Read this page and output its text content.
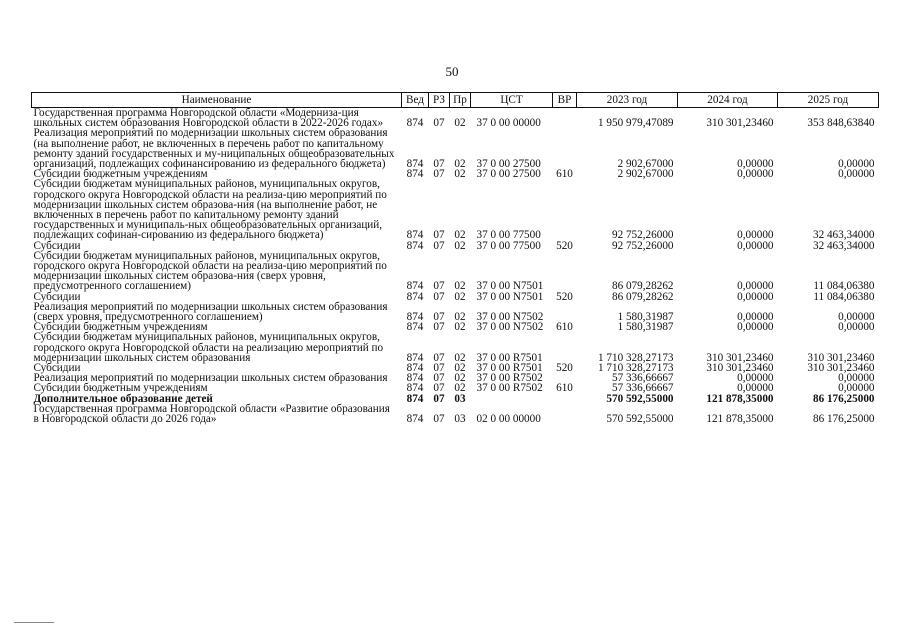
50
Наименование	Вед	РЗ	Пр	ЦСТ	ВР	2023 год	2024 год	2025 год
Государственная программа Новгородской области «Модерниза-ция школьных систем образования Новгородской области в 2022-2026 годах»	874	07	02	37 0 00 00000		1 950 979,47089	310 301,23460	353 848,63840
Реализация мероприятий по модернизации школьных систем образования (на выполнение работ, не включенных в перечень работ по капитальному ремонту зданий государственных и му-ниципальных общеобразовательных организаций, подлежащих софинансированию из федерального бюджета)	874	07	02	37 0 00 27500		2 902,67000	0,00000	0,00000
Субсидии бюджетным учреждениям	874	07	02	37 0 00 27500	610	2 902,67000	0,00000	0,00000
Субсидии бюджетам муниципальных районов, муниципальных округов, городского округа Новгородской области на реализа-цию мероприятий по модернизации школьных систем образова-ния (на выполнение работ, не включенных в перечень работ по капитальному ремонту зданий государственных и муниципаль-ных общеобразовательных организаций, подлежащих софинан-сированию из федерального бюджета)	874	07	02	37 0 00 77500		92 752,26000	0,00000	32 463,34000
Субсидии	874	07	02	37 0 00 77500	520	92 752,26000	0,00000	32 463,34000
Субсидии бюджетам муниципальных районов, муниципальных округов, городского округа Новгородской области на реализа-цию мероприятий по модернизации школьных систем образова-ния (сверх уровня, предусмотренного соглашением)	874	07	02	37 0 00 N7501		86 079,28262	0,00000	11 084,06380
Субсидии	874	07	02	37 0 00 N7501	520	86 079,28262	0,00000	11 084,06380
Реализация мероприятий по модернизации школьных систем образования (сверх уровня, предусмотренного соглашением)	874	07	02	37 0 00 N7502		1 580,31987	0,00000	0,00000
Субсидии бюджетным учреждениям	874	07	02	37 0 00 N7502	610	1 580,31987	0,00000	0,00000
Субсидии бюджетам муниципальных районов, муниципальных округов, городского округа Новгородской области на реализацию мероприятий по модернизации школьных систем образования	874	07	02	37 0 00 R7501		1 710 328,27173	310 301,23460	310 301,23460
Субсидии	874	07	02	37 0 00 R7501	520	1 710 328,27173	310 301,23460	310 301,23460
Реализация мероприятий по модернизации школьных систем образования	874	07	02	37 0 00 R7502		57 336,66667	0,00000	0,00000
Субсидии бюджетным учреждениям	874	07	02	37 0 00 R7502	610	57 336,66667	0,00000	0,00000
Дополнительное образование детей	874	07	03			570 592,55000	121 878,35000	86 176,25000
Государственная программа Новгородской области «Развитие образования в Новгородской области до 2026 года»	874	07	03	02 0 00 00000		570 592,55000	121 878,35000	86 176,25000
